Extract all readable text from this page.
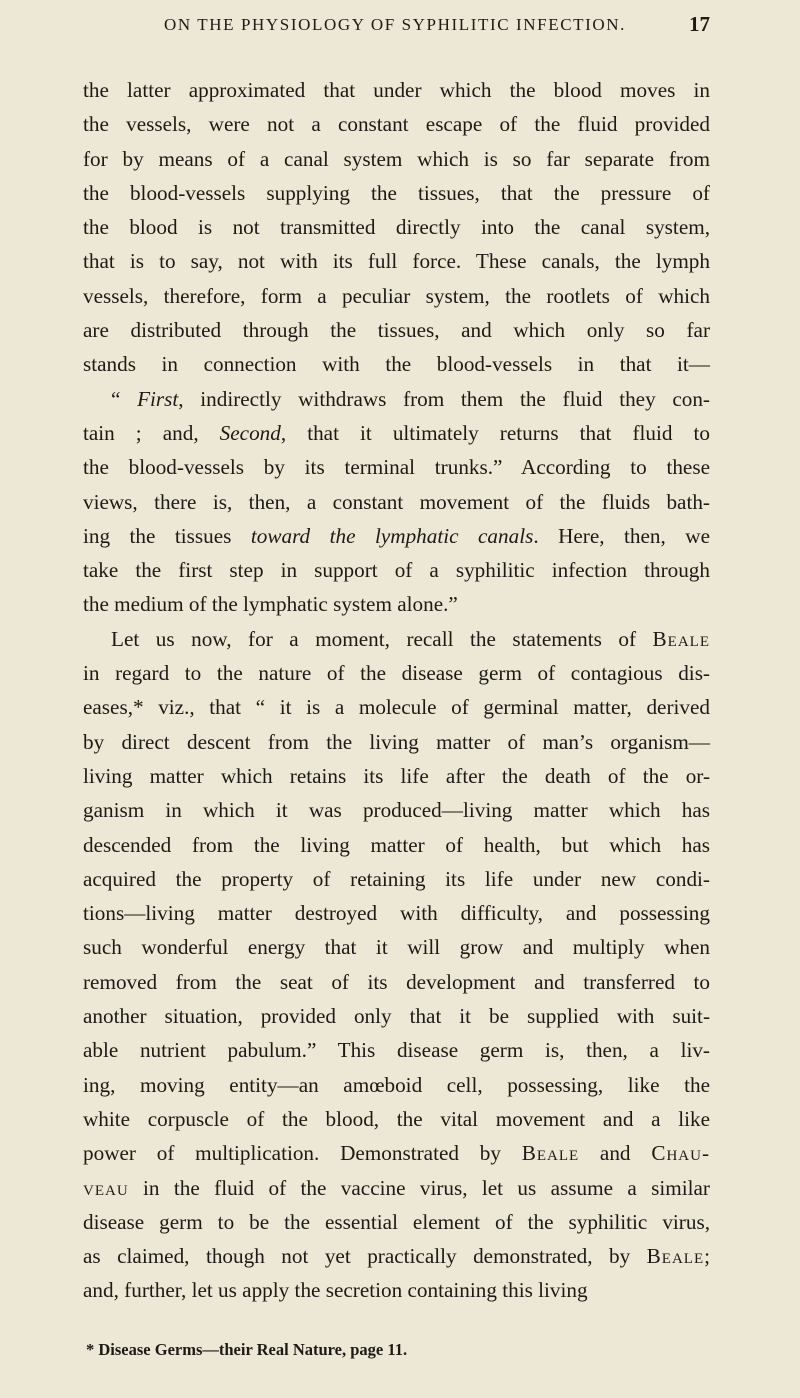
ON THE PHYSIOLOGY OF SYPHILITIC INFECTION.	17
the latter approximated that under which the blood moves in
the vessels, were not a constant escape of the fluid provided
for by means of a canal system which is so far separate from
the blood-vessels supplying the tissues, that the pressure of
the blood is not transmitted directly into the canal system,
that is to say, not with its full force. These canals, the lymph
vessels, therefore, form a peculiar system, the rootlets of which
are distributed through the tissues, and which only so far
stands in connection with the blood-vessels in that it—
“ First, indirectly withdraws from them the fluid they con-
tain ; and, Second, that it ultimately returns that fluid to
the blood-vessels by its terminal trunks.” According to these
views, there is, then, a constant movement of the fluids bath-
ing the tissues toward the lymphatic canals. Here, then, we
take the first step in support of a syphilitic infection through
the medium of the lymphatic system alone.”
Let us now, for a moment, recall the statements of Beale
in regard to the nature of the disease germ of contagious dis-
eases,* viz., that “ it is a molecule of germinal matter, derived
by direct descent from the living matter of man’s organism—
living matter which retains its life after the death of the or-
ganism in which it was produced—living matter which has
descended from the living matter of health, but which has
acquired the property of retaining its life under new condi-
tions—living matter destroyed with difficulty, and possessing
such wonderful energy that it will grow and multiply when
removed from the seat of its development and transferred to
another situation, provided only that it be supplied with suit-
able nutrient pabulum.” This disease germ is, then, a liv-
ing, moving entity—an amœboid cell, possessing, like the
white corpuscle of the blood, the vital movement and a like
power of multiplication. Demonstrated by Beale and Chau-
veau in the fluid of the vaccine virus, let us assume a similar
disease germ to be the essential element of the syphilitic virus,
as claimed, though not yet practically demonstrated, by Beale;
and, further, let us apply the secretion containing this living
* Disease Germs—their Real Nature, page 11.
